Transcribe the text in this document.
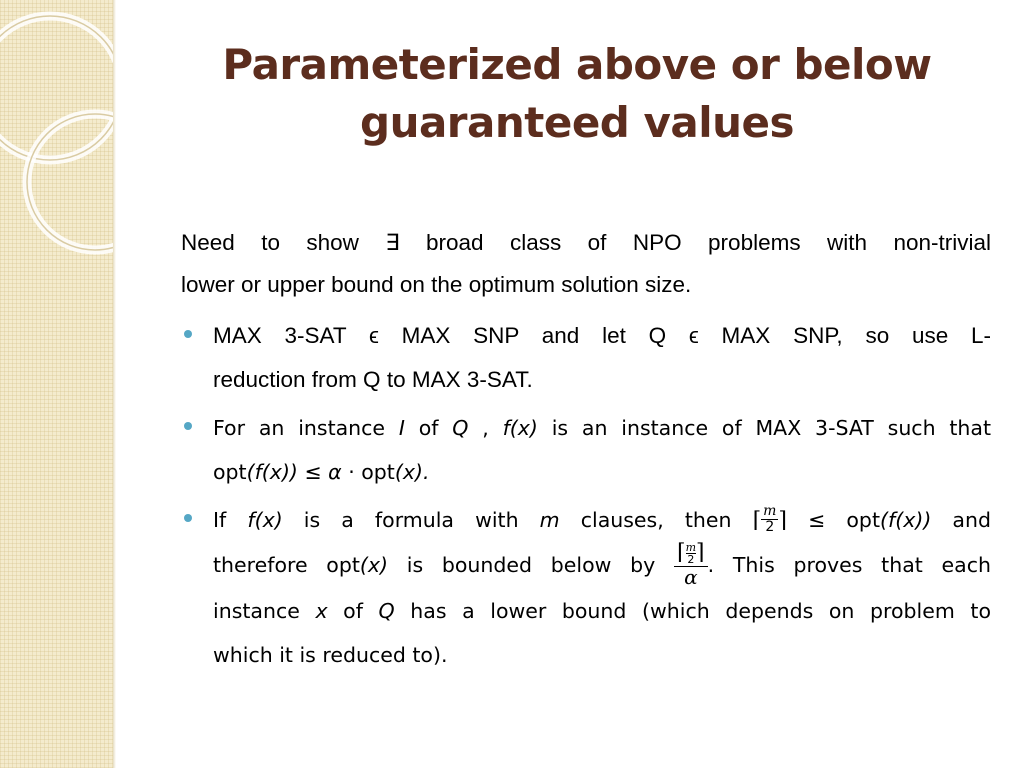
Parameterized above or below
guaranteed values

Need to show ∃ broad class of NPO problems with non-trivial
lower or upper bound on the optimum solution size.

MAX 3-SAT ϵ MAX SNP and let Q ϵ MAX SNP, so use L-
reduction from Q to MAX 3-SAT.
For an instance I of Q , f(x) is an instance of MAX 3-SAT such that
opt(f(x)) ≤ α · opt(x).
If f(x) is a formula with m clauses, then ⌈ $\frac{m}{2}$ ⌉ ≤ opt(f(x)) and
therefore opt(x) is bounded below by $\frac{⌈ \frac{m}{2} ⌉}{\alpha}$ . This proves that each
instance x of Q has a lower bound (which depends on problem to
which it is reduced to).
